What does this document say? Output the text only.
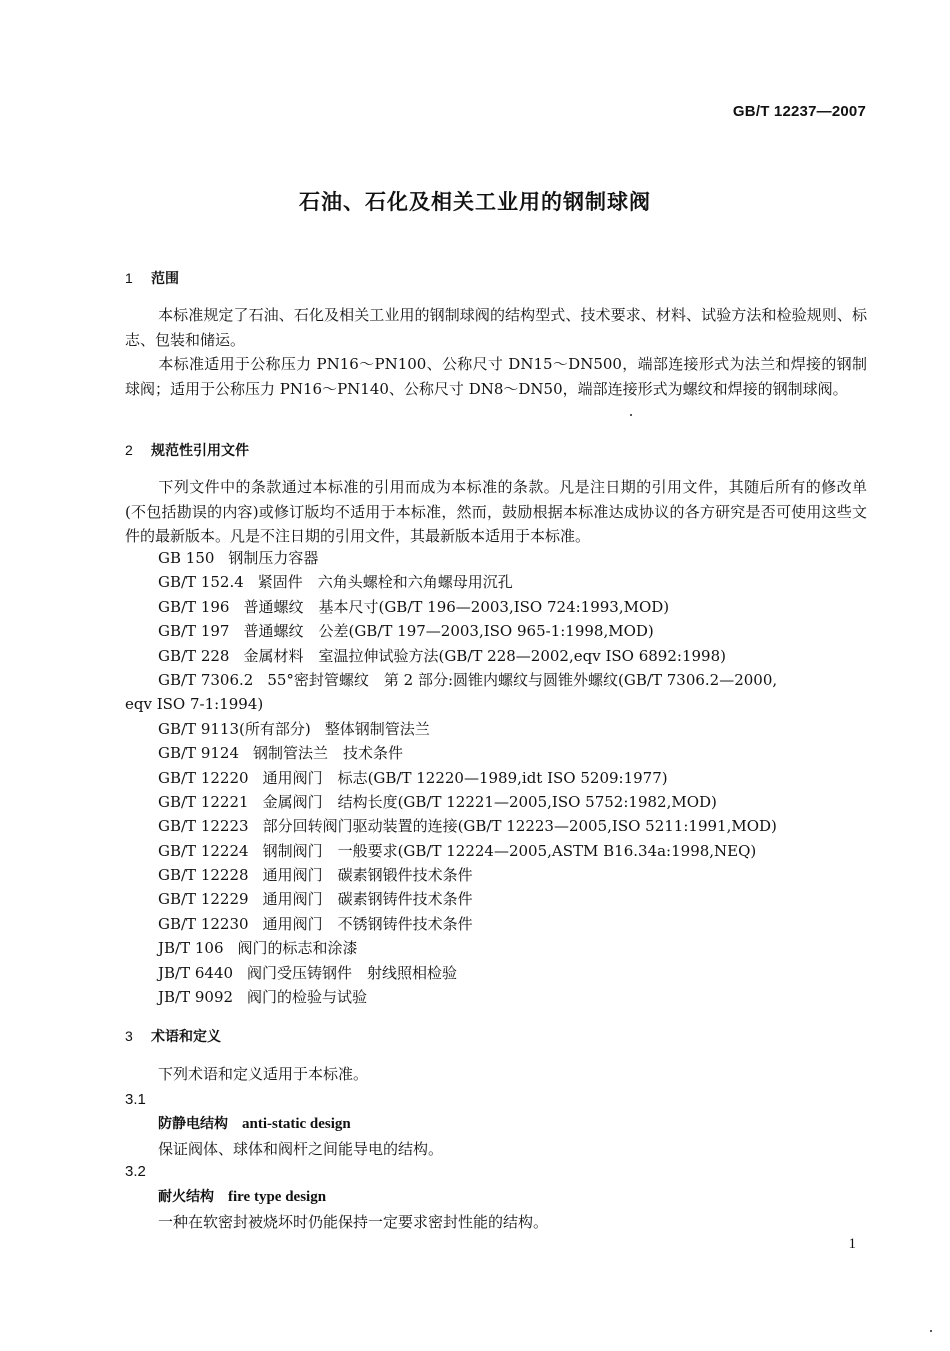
GB/T 12237—2007
石油、石化及相关工业用的钢制球阀
1 范围
本标准规定了石油、石化及相关工业用的钢制球阀的结构型式、技术要求、材料、试验方法和检验规则、标志、包装和储运。
本标准适用于公称压力 PN16～PN100、公称尺寸 DN15～DN500，端部连接形式为法兰和焊接的钢制球阀；适用于公称压力 PN16～PN140、公称尺寸 DN8～DN50，端部连接形式为螺纹和焊接的钢制球阀。
2 规范性引用文件
下列文件中的条款通过本标准的引用而成为本标准的条款。凡是注日期的引用文件，其随后所有的修改单(不包括勘误的内容)或修订版均不适用于本标准，然而，鼓励根据本标准达成协议的各方研究是否可使用这些文件的最新版本。凡是不注日期的引用文件，其最新版本适用于本标准。
GB 150 钢制压力容器
GB/T 152.4 紧固件　六角头螺栓和六角螺母用沉孔
GB/T 196 普通螺纹　基本尺寸(GB/T 196—2003,ISO 724:1993,MOD)
GB/T 197 普通螺纹　公差(GB/T 197—2003,ISO 965-1:1998,MOD)
GB/T 228 金属材料　室温拉伸试验方法(GB/T 228—2002,eqv ISO 6892:1998)
GB/T 7306.2 55°密封管螺纹　第 2 部分:圆锥内螺纹与圆锥外螺纹(GB/T 7306.2—2000,
eqv ISO 7-1:1994)
GB/T 9113(所有部分) 整体钢制管法兰
GB/T 9124 钢制管法兰　技术条件
GB/T 12220 通用阀门　标志(GB/T 12220—1989,idt ISO 5209:1977)
GB/T 12221 金属阀门　结构长度(GB/T 12221—2005,ISO 5752:1982,MOD)
GB/T 12223 部分回转阀门驱动装置的连接(GB/T 12223—2005,ISO 5211:1991,MOD)
GB/T 12224 钢制阀门　一般要求(GB/T 12224—2005,ASTM B16.34a:1998,NEQ)
GB/T 12228 通用阀门　碳素钢锻件技术条件
GB/T 12229 通用阀门　碳素钢铸件技术条件
GB/T 12230 通用阀门　不锈钢铸件技术条件
JB/T 106 阀门的标志和涂漆
JB/T 6440 阀门受压铸钢件　射线照相检验
JB/T 9092 阀门的检验与试验
3 术语和定义
下列术语和定义适用于本标准。
3.1
防静电结构 anti-static design
保证阀体、球体和阀杆之间能导电的结构。
3.2
耐火结构 fire type design
一种在软密封被烧坏时仍能保持一定要求密封性能的结构。
1
